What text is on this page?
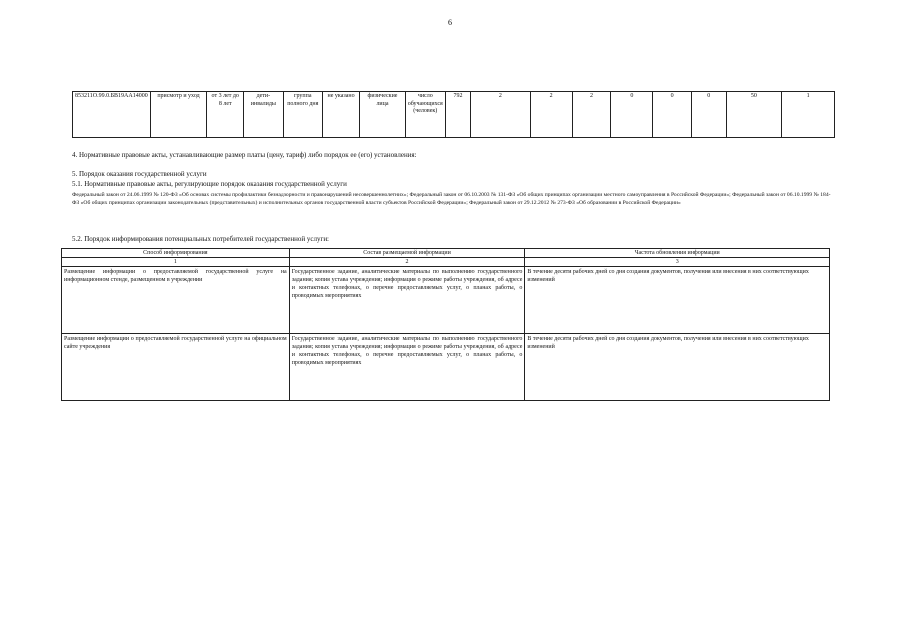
6
853211О.99.0.БВ19АА14000	присмотр и уход	от 3 лет до 8 лет	дети-инвалиды	группа полного дня	не указано	физические лица	число обучающихся (человек)	792	2	2	2	0	0	0	50	1
4. Нормативные правовые акты, устанавливающие размер платы (цену, тариф) либо порядок ее (его) установления:
5. Порядок оказания государственной услуги
5.1. Нормативные правовые акты, регулирующие порядок оказания государственной услуги
Федеральный закон от 24.06.1999 № 120-ФЗ «Об основах системы профилактики безнадзорности и правонарушений несовершеннолетних»; Федеральный закон от 06.10.2003 № 131-ФЗ «Об общих принципах организации местного самоуправления в Российской Федерации»; Федеральный закон от 06.10.1999 № 184-ФЗ «Об общих принципах организации законодательных (представительных) и исполнительных органов государственной власти субъектов Российской Федерации»; Федеральный закон от 29.12.2012 № 273-ФЗ «Об образовании в Российской Федерации»
5.2. Порядок информирования потенциальных потребителей государственной услуги:
Способ информирования	Состав размещаемой информации	Частота обновления информации
1	2	3
Размещение информации о предоставляемой государственной услуге на информационном стенде, размещенном в учреждении	Государственное задание, аналитические материалы по выполнению государственного задания; копия устава учреждения; информация о режиме работы учреждения, об адресе и контактных телефонах, о перечне предоставляемых услуг, о планах работы, о проводимых мероприятиях	В течение десяти рабочих дней со дня создания документов, получения или внесения в них соответствующих изменений
Размещение информации о предоставляемой государственной услуге на официальном сайте учреждения	Государственное задание, аналитические материалы по выполнению государственного задания; копия устава учреждения; информация о режиме работы учреждения, об адресе и контактных телефонах, о перечне предоставляемых услуг, о планах работы, о проводимых мероприятиях	В течение десяти рабочих дней со дня создания документов, получения или внесения в них соответствующих изменений
